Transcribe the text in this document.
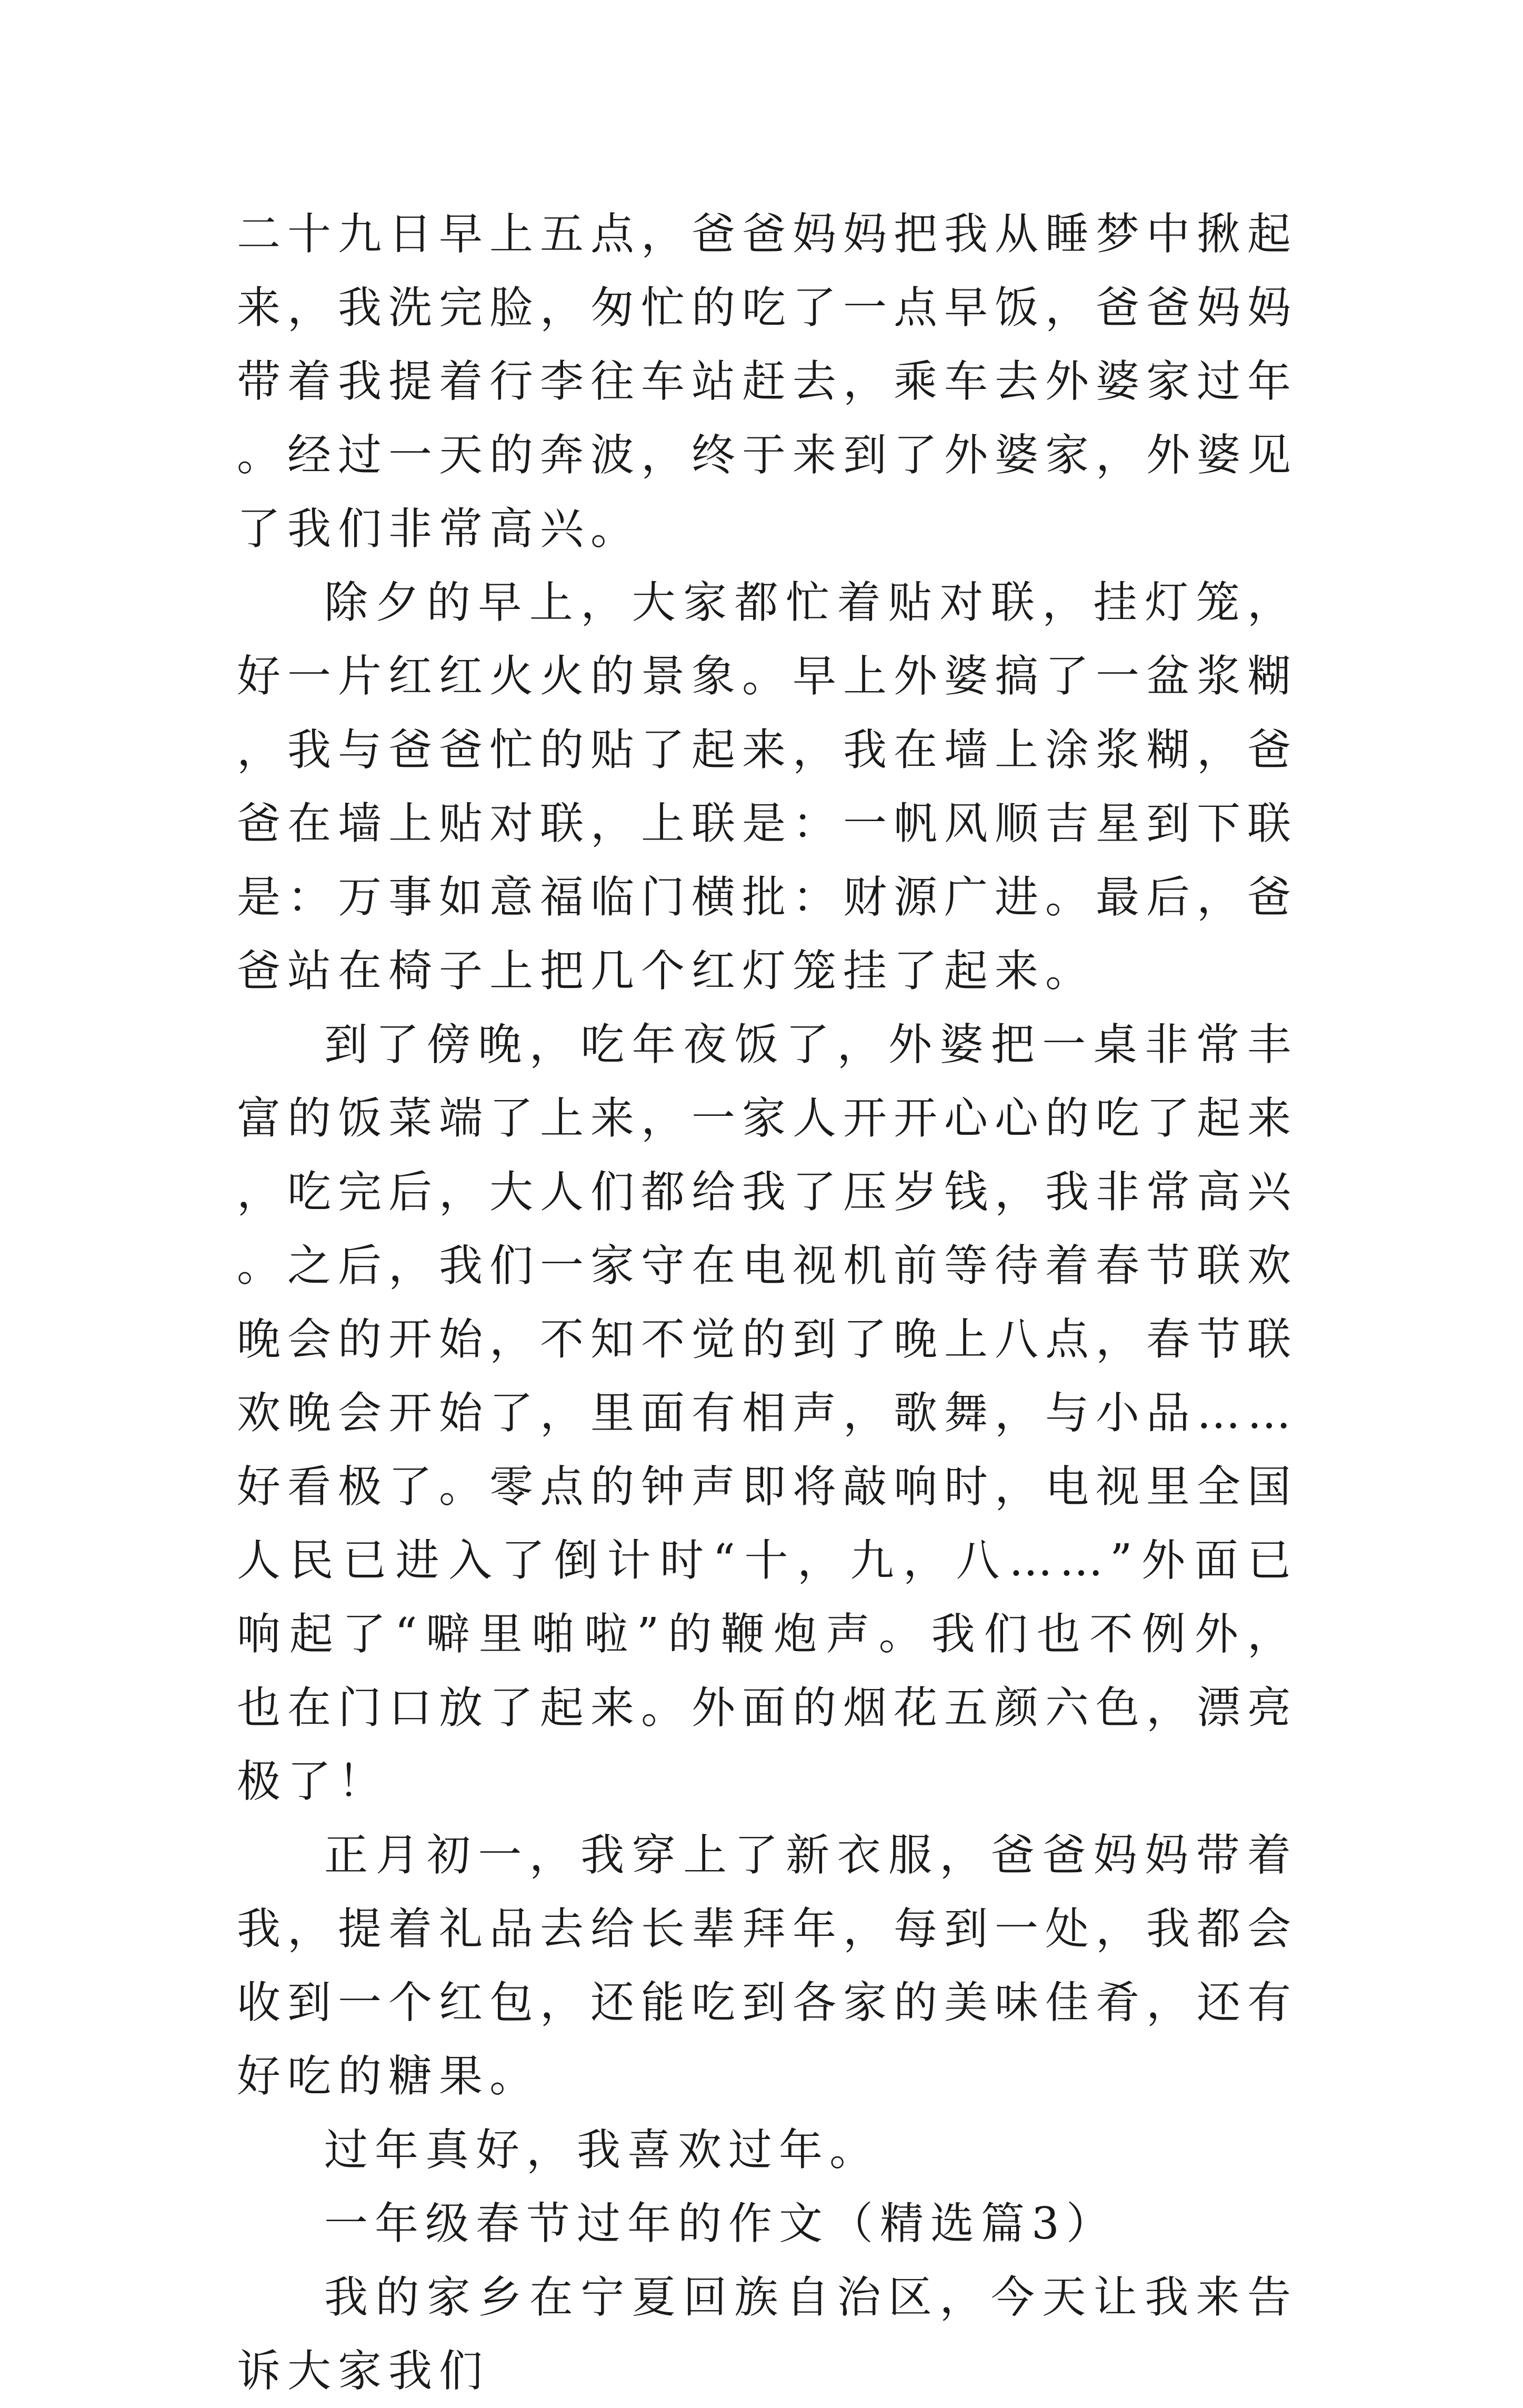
二十九日早上五点，爸爸妈妈把我从睡梦中揪起来，我洗完脸，匆忙的吃了一点早饭，爸爸妈妈带着我提着行李往车站赶去，乘车去外婆家过年。经过一天的奔波，终于来到了外婆家，外婆见了我们非常高兴。

除夕的早上，大家都忙着贴对联，挂灯笼，好一片红红火火的景象。早上外婆搞了一盆浆糊，我与爸爸忙的贴了起来，我在墙上涂浆糊，爸爸在墙上贴对联，上联是：一帆风顺吉星到下联是：万事如意福临门横批：财源广进。最后，爸爸站在椅子上把几个红灯笼挂了起来。

到了傍晚，吃年夜饭了，外婆把一桌非常丰富的饭菜端了上来，一家人开开心心的吃了起来，吃完后，大人们都给我了压岁钱，我非常高兴。之后，我们一家守在电视机前等待着春节联欢晚会的开始，不知不觉的到了晚上八点，春节联欢晚会开始了，里面有相声，歌舞，与小品……好看极了。零点的钟声即将敲响时，电视里全国人民已进入了倒计时“十，九，八……”外面已响起了“噼里啪啦”的鞭炮声。我们也不例外，也在门口放了起来。外面的烟花五颜六色，漂亮极了！

正月初一，我穿上了新衣服，爸爸妈妈带着我，提着礼品去给长辈拜年，每到一处，我都会收到一个红包，还能吃到各家的美味佳肴，还有好吃的糖果。

过年真好，我喜欢过年。

一年级春节过年的作文（精选篇3）

我的家乡在宁夏回族自治区，今天让我来告诉大家我们
